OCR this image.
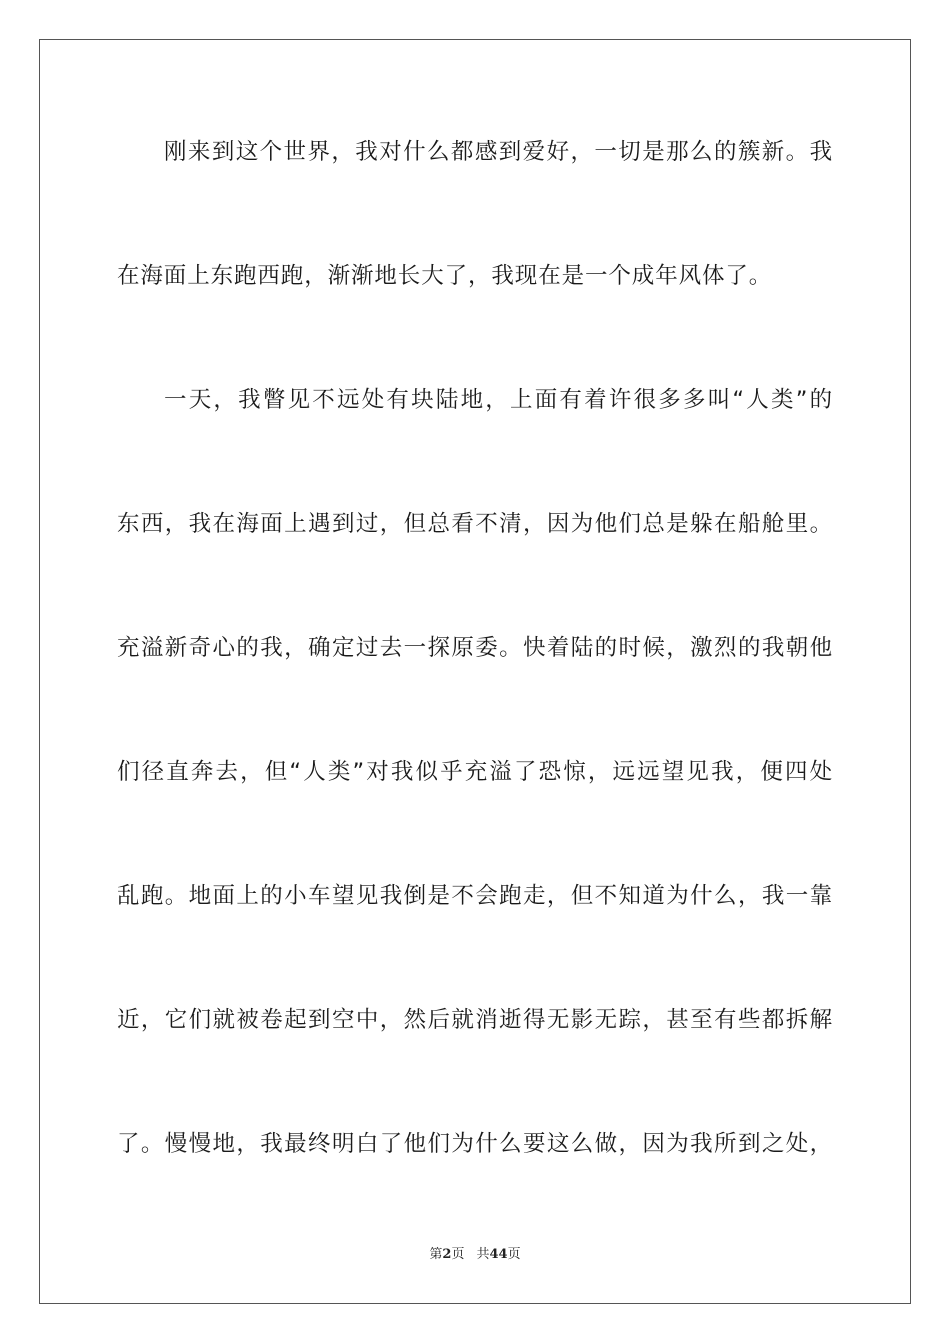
刚来到这个世界，我对什么都感到爱好，一切是那么的簇新。我
在海面上东跑西跑，渐渐地长大了，我现在是一个成年风体了。
一天，我瞥见不远处有块陆地，上面有着许很多多叫“人类”的
东西，我在海面上遇到过，但总看不清，因为他们总是躲在船舱里。
充溢新奇心的我，确定过去一探原委。快着陆的时候，激烈的我朝他
们径直奔去，但“人类”对我似乎充溢了恐惊，远远望见我，便四处
乱跑。地面上的小车望见我倒是不会跑走，但不知道为什么，我一靠
近，它们就被卷起到空中，然后就消逝得无影无踪，甚至有些都拆解
了。慢慢地，我最终明白了他们为什么要这么做，因为我所到之处，
第2页 共44页
